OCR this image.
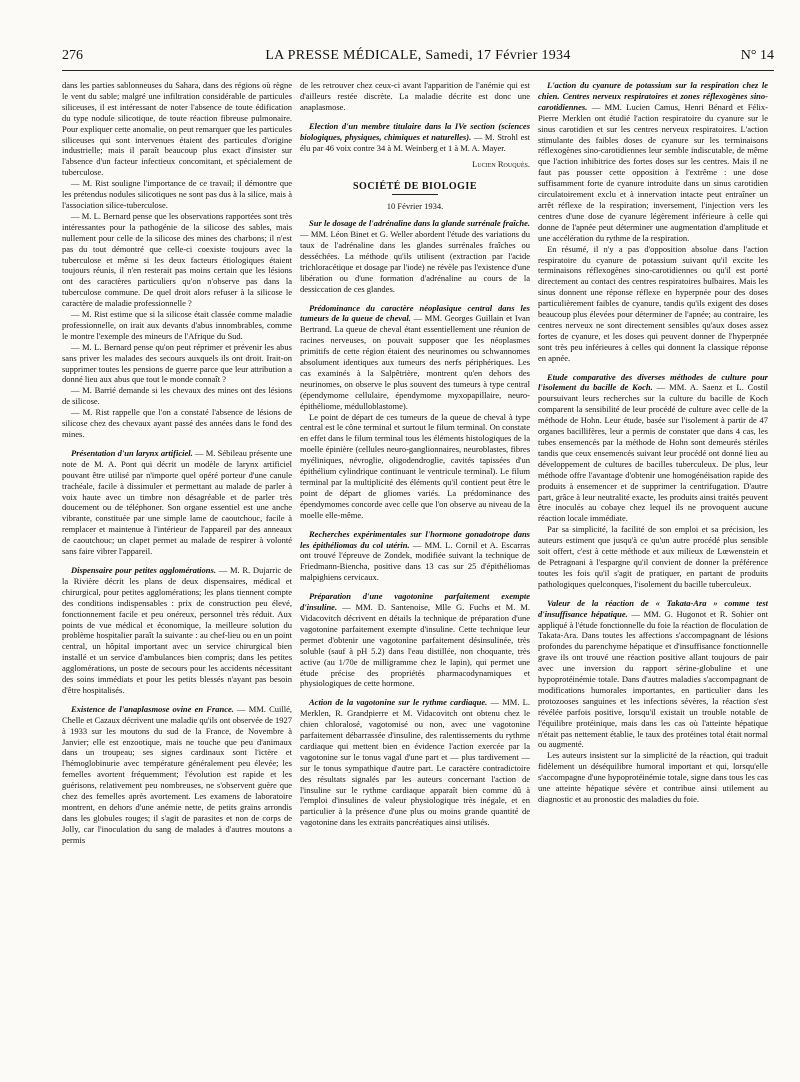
276	LA PRESSE MÉDICALE, Samedi, 17 Février 1934	N° 14

dans les parties sablonneuses du Sahara, dans des régions où règne le vent du sable; malgré une infiltration considérable de particules siliceuses, il est intéressant de noter l'absence de toute édification du type nodule silicotique, de toute réaction fibreuse pulmonaire. Pour expliquer cette anomalie, on peut remarquer que les particules siliceuses qui sont intervenues étaient des particules d'origine industrielle; mais il paraît beaucoup plus exact d'insister sur l'absence d'un facteur infectieux concomitant, et spécialement de tuberculose.

— M. Rist souligne l'importance de ce travail; il démontre que les prétendus nodules silicotiques ne sont pas dus à la silice, mais à l'association silice-tuberculose.

— M. L. Bernard pense que les observations rapportées sont très intéressantes pour la pathogénie de la silicose des sables, mais nullement pour celle de la silicose des mines des charbons; il n'est pas du tout démontré que celle-ci coexiste toujours avec la tuberculose et même si les deux facteurs étiologiques étaient toujours réunis, il n'en resterait pas moins certain que les lésions ont des caractères particuliers qu'on n'observe pas dans la tuberculose commune. De quel droit alors refuser à la silicose le caractère de maladie professionnelle ?

— M. Rist estime que si la silicose était classée comme maladie professionnelle, on irait aux devants d'abus innombrables, comme le montre l'exemple des mineurs de l'Afrique du Sud.

— M. L. Bernard pense qu'on peut réprimer et prévenir les abus sans priver les malades des secours auxquels ils ont droit. Irait-on supprimer toutes les pensions de guerre parce que leur attribution a donné lieu aux abus que tout le monde connaît ?

— M. Barrié demande si les chevaux des mines ont des lésions de silicose.

— M. Rist rappelle que l'on a constaté l'absence de lésions de silicose chez des chevaux ayant passé des années dans le fond des mines.

Présentation d'un larynx artificiel. — M. Sébileau présente une note de M. A. Pont qui décrit un modèle de larynx artificiel pouvant être utilisé par n'importe quel opéré porteur d'une canule trachéale, facile à dissimuler et permettant au malade de parler à voix haute avec un timbre non désagréable et de parler très doucement ou de téléphoner. Son organe essentiel est une anche vibrante, constituée par une simple lame de caoutchouc, facile à remplacer et maintenue à l'intérieur de l'appareil par des anneaux de caoutchouc; un clapet permet au malade de respirer à volonté sans faire vibrer l'appareil.

Dispensaire pour petites agglomérations. — M. R. Dujarric de la Rivière décrit les plans de deux dispensaires, médical et chirurgical, pour petites agglomérations; les plans tiennent compte des conditions indispensables : prix de construction peu élevé, fonctionnement facile et peu onéreux, personnel très réduit. Aux points de vue médical et économique, la meilleure solution du problème hospitalier paraît la suivante : au chef-lieu ou en un point central, un hôpital important avec un service chirurgical bien installé et un service d'ambulances bien compris; dans les petites agglomérations, un poste de secours pour les accidents nécessitant des soins immédiats et pour les petits blessés n'ayant pas besoin d'être hospitalisés.

Existence de l'anaplasmose ovine en France. — MM. Cuillé, Chelle et Cazaux décrivent une maladie qu'ils ont observée de 1927 à 1933 sur les moutons du sud de la France, de Novembre à Janvier; elle est enzootique, mais ne touche que peu d'animaux dans un troupeau; ses signes cardinaux sont l'ictère et l'hémoglobinurie avec température généralement peu élevée; les femelles avortent fréquemment; l'évolution est rapide et les guérisons, relativement peu nombreuses, ne s'observent guère que chez des femelles après avortement. Les examens de laboratoire montrent, en dehors d'une anémie nette, de petits grains arrondis dans les globules rouges; il s'agit de parasites et non de corps de Jolly, car l'inoculation du sang de malades à d'autres moutons a permis

de les retrouver chez ceux-ci avant l'apparition de l'anémie qui est d'ailleurs restée discrète. La maladie décrite est donc une anaplasmose.

Election d'un membre titulaire dans la IVe section (sciences biologiques, physiques, chimiques et naturelles). — M. Strohl est élu par 46 voix contre 34 à M. Weinberg et 1 à M. A. Mayer.

Lucien Rouquès.

SOCIÉTÉ DE BIOLOGIE

10 Février 1934.

Sur le dosage de l'adrénaline dans la glande surrénale fraîche. — MM. Léon Binet et G. Weller abordent l'étude des variations du taux de l'adrénaline dans les glandes surrénales fraîches ou desséchées. La méthode qu'ils utilisent (extraction par l'acide trichloracétique et dosage par l'iode) ne révèle pas l'existence d'une libération ou d'une formation d'adrénaline au cours de la dessiccation de ces glandes.

Prédominance du caractère néoplasique central dans les tumeurs de la queue de cheval. — MM. Georges Guillain et Ivan Bertrand. La queue de cheval étant essentiellement une réunion de racines nerveuses, on pouvait supposer que les néoplasmes primitifs de cette région étaient des neurinomes ou schwannomes absolument identiques aux tumeurs des nerfs périphériques. Les cas examinés à la Salpêtrière, montrent qu'en dehors des neurinomes, on observe le plus souvent des tumeurs à type central (épendymome cellulaire, épendymome myxopapillaire, neuro-épithéliome, médulloblastome).

Le point de départ de ces tumeurs de la queue de cheval à type central est le cône terminal et surtout le filum terminal. On constate en effet dans le filum terminal tous les éléments histologiques de la moelle épinière (cellules neuro-ganglionnaires, neuroblastes, fibres myéliniques, névroglie, oligodendroglie, cavités tapissées d'un épithélium cylindrique continuant le ventricule terminal). Le filum terminal par la multiplicité des éléments qu'il contient peut être le point de départ de gliomes variés. La prédominance des épendymomes concorde avec celle que l'on observe au niveau de la moelle elle-même.

Recherches expérimentales sur l'hormone gonadotrope dans les épithéliomas du col utérin. — MM. L. Cornil et A. Escarras ont trouvé l'épreuve de Zondek, modifiée suivant la technique de Friedmann-Biencha, positive dans 13 cas sur 25 d'épithéliomas malpighiens cervicaux.

Préparation d'une vagotonine parfaitement exempte d'insuline. — MM. D. Santenoise, Mlle G. Fuchs et M. M. Vidacovitch décrivent en détails la technique de préparation d'une vagotonine parfaitement exempte d'insuline. Cette technique leur permet d'obtenir une vagotonine parfaitement désinsulinée, très soluble (sauf à pH 5.2) dans l'eau distillée, non choquante, très active (au 1/70e de milligramme chez le lapin), qui permet une étude précise des propriétés pharmacodynamiques et physiologiques de cette hormone.

Action de la vagotonine sur le rythme cardiaque. — MM. L. Merklen, R. Grandpierre et M. Vidacovitch ont obtenu chez le chien chloralosé, vagotomisé ou non, avec une vagotonine parfaitement débarrassée d'insuline, des ralentissements du rythme cardiaque qui mettent bien en évidence l'action exercée par la vagotonine sur le tonus vagal d'une part et — plus tardivement — sur le tonus sympathique d'autre part. Le caractère contradictoire des résultats signalés par les auteurs concernant l'action de l'insuline sur le rythme cardiaque apparaît bien comme dû à l'emploi d'insulines de valeur physiologique très inégale, et en particulier à la présence d'une plus ou moins grande quantité de vagotonine dans les extraits pancréatiques ainsi utilisés.

L'action du cyanure de potassium sur la respiration chez le chien. Centres nerveux respiratoires et zones réflexogènes sino-carotidiennes. — MM. Lucien Camus, Henri Bénard et Félix-Pierre Merklen ont étudié l'action respiratoire du cyanure sur le sinus carotidien et sur les centres nerveux respiratoires. L'action stimulante des faibles doses de cyanure sur les terminaisons réflexogènes sino-carotidiennes leur semble indiscutable, de même que l'action inhibitrice des fortes doses sur les centres. Mais il ne faut pas pousser cette opposition à l'extrême : une dose suffisamment forte de cyanure introduite dans un sinus carotidien circulatoirement exclu et à innervation intacte peut entraîner un arrêt réflexe de la respiration; inversement, l'injection vers les centres d'une dose de cyanure légèrement inférieure à celle qui donne de l'apnée peut déterminer une augmentation d'amplitude et une accélération du rythme de la respiration.

En résumé, il n'y a pas d'opposition absolue dans l'action respiratoire du cyanure de potassium suivant qu'il excite les terminaisons réflexogènes sino-carotidiennes ou qu'il est porté directement au contact des centres respiratoires bulbaires. Mais les sinus donnent une réponse réflexe en hyperpnée pour des doses particulièrement faibles de cyanure, tandis qu'ils exigent des doses beaucoup plus élevées pour déterminer de l'apnée; au contraire, les centres nerveux ne sont directement sensibles qu'aux doses assez fortes de cyanure, et les doses qui peuvent donner de l'hyperpnée sont très peu inférieures à celles qui donnent la classique réponse en apnée.

Etude comparative des diverses méthodes de culture pour l'isolement du bacille de Koch. — MM. A. Saenz et L. Costil poursuivant leurs recherches sur la culture du bacille de Koch comparent la sensibilité de leur procédé de culture avec celle de la méthode de Hohn. Leur étude, basée sur l'isolement à partir de 47 organes bacillifères, leur a permis de constater que dans 4 cas, les tubes ensemencés par la méthode de Hohn sont demeurés stériles tandis que ceux ensemencés suivant leur procédé ont donné lieu au développement de cultures de bacilles tuberculeux. De plus, leur méthode offre l'avantage d'obtenir une homogénéisation rapide des produits à ensemencer et de supprimer la centrifugation. D'autre part, grâce à leur neutralité exacte, les produits ainsi traités peuvent être inoculés au cobaye chez lequel ils ne provoquent aucune réaction locale immédiate.

Par sa simplicité, la facilité de son emploi et sa précision, les auteurs estiment que jusqu'à ce qu'un autre procédé plus sensible soit offert, c'est à cette méthode et aux milieux de Lœwenstein et de Petragnani à l'espargne qu'il convient de donner la préférence toutes les fois qu'il s'agit de pratiquer, en partant de produits pathologiques quelconques, l'isolement du bacille tuberculeux.

Valeur de la réaction de « Takata-Ara » comme test d'insuffisance hépatique. — MM. G. Hugonot et R. Sohier ont appliqué à l'étude fonctionnelle du foie la réaction de floculation de Takata-Ara. Dans toutes les affections s'accompagnant de lésions profondes du parenchyme hépatique et d'insuffisance fonctionnelle grave ils ont trouvé une réaction positive allant toujours de pair avec une inversion du rapport sérine-globuline et une hypoprotéinémie totale. Dans d'autres maladies s'accompagnant de modifications humorales importantes, en particulier dans les protozooses sanguines et les infections sévères, la réaction s'est révélée parfois positive, lorsqu'il existait un trouble notable de l'équilibre protéinique, mais dans les cas où l'atteinte hépatique n'était pas nettement établie, le taux des protéines total était normal ou augmenté.

Les auteurs insistent sur la simplicité de la réaction, qui traduit fidèlement un déséquilibre humoral important et qui, lorsqu'elle s'accompagne d'une hypoprotéinémie totale, signe dans tous les cas une atteinte hépatique sévère et contribue ainsi utilement au diagnostic et au pronostic des maladies du foie.
